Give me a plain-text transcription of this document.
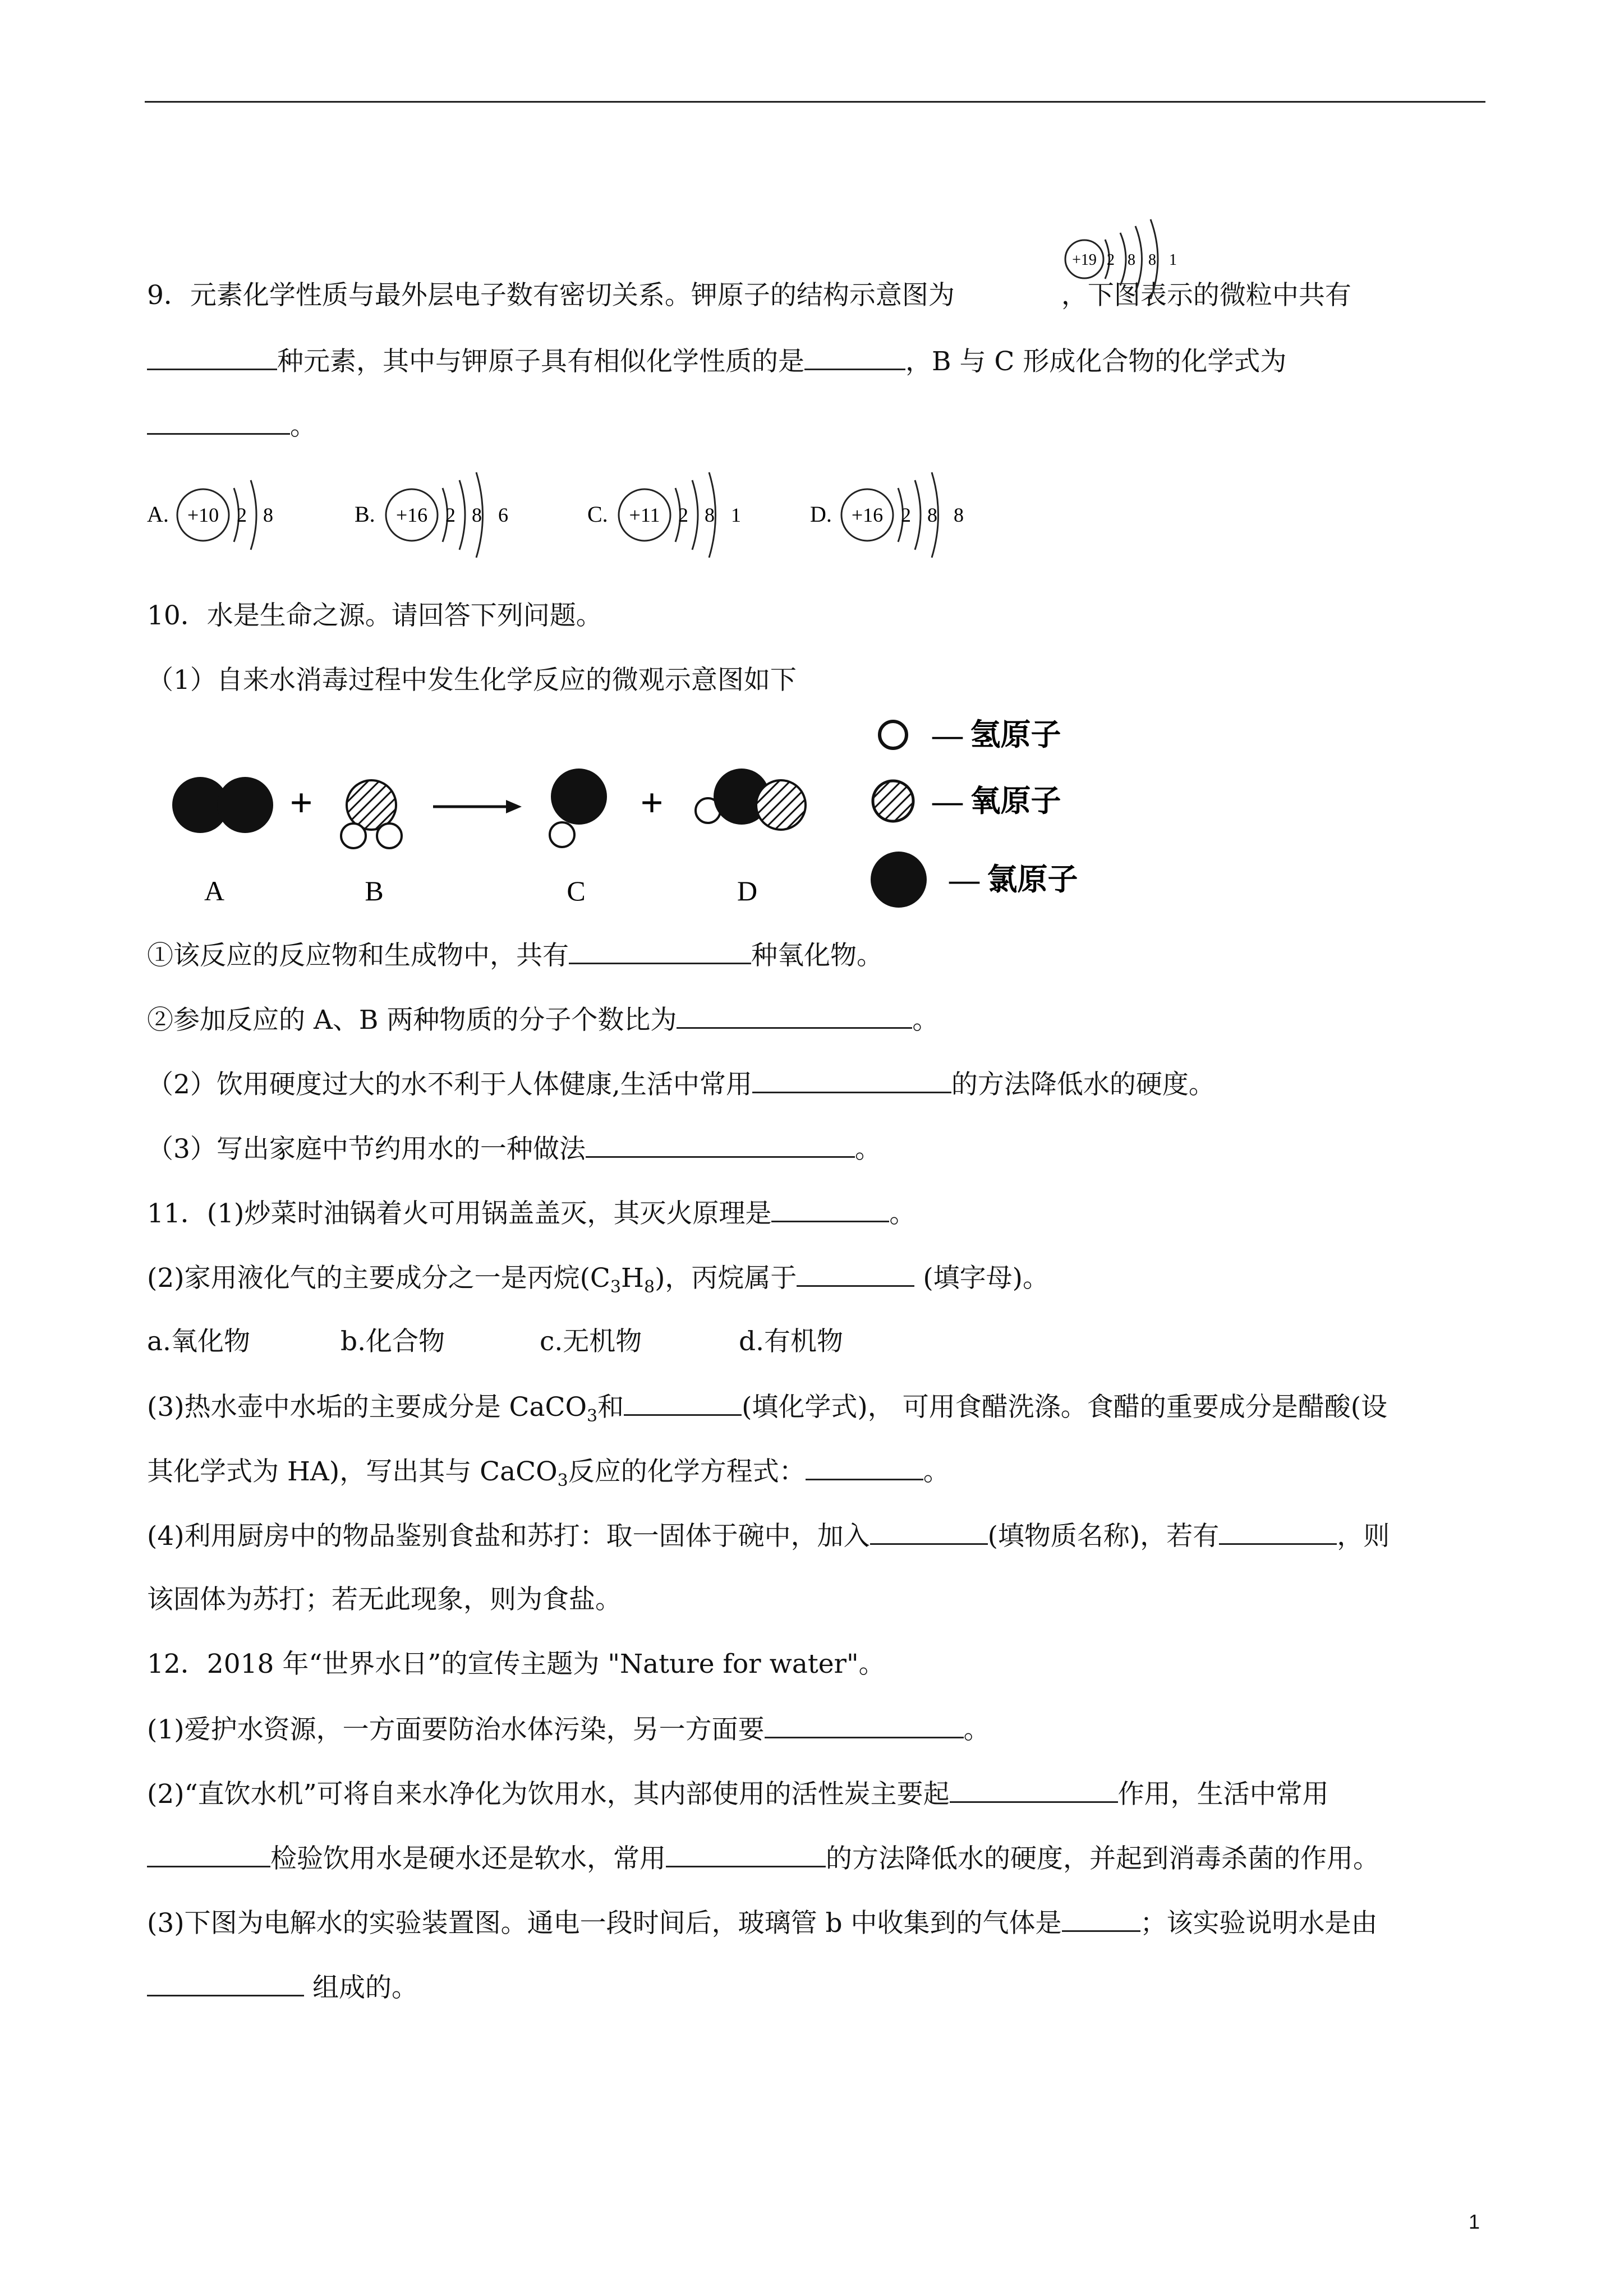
9．元素化学性质与最外层电子数有密切关系。钾原子的结构示意图为	，下图表示的微粒中共有
+19 2 8 8 1
种元素，其中与钾原子具有相似化学性质的是	，B 与 C 形成化合物的化学式为
。
A. +10 2 8	B. +16 2 8 6	C. +11 2 8 1	D. +16 2 8 8
10．水是生命之源。请回答下列问题。
（1）自来水消毒过程中发生化学反应的微观示意图如下
+	+
A	B	C	D
— 氢原子
— 氧原子
— 氯原子
①该反应的反应物和生成物中，共有	种氧化物。
②参加反应的 A、B 两种物质的分子个数比为	。
（2）饮用硬度过大的水不利于人体健康,生活中常用	的方法降低水的硬度。
（3）写出家庭中节约用水的一种做法	。
11．(1)炒菜时油锅着火可用锅盖盖灭，其灭火原理是	。
(2)家用液化气的主要成分之一是丙烷$(C_3H_8)$，丙烷属于	(填字母)。
a.氧化物	b.化合物	c.无机物	d.有机物
(3)热水壶中水垢的主要成分是 CaCO$_3$和	(填化学式)， 可用食醋洗涤。食醋的重要成分是醋酸(设
其化学式为 HA)，写出其与 CaCO$_3$反应的化学方程式：	。
(4)利用厨房中的物品鉴别食盐和苏打：取一固体于碗中，加入	(填物质名称)，若有	，则
该固体为苏打；若无此现象，则为食盐。
12．2018 年“世界水日”的宣传主题为 "Nature for water"。
(1)爱护水资源，一方面要防治水体污染，另一方面要	。
(2)“直饮水机”可将自来水净化为饮用水，其内部使用的活性炭主要起	作用，生活中常用
检验饮用水是硬水还是软水，常用	的方法降低水的硬度，并起到消毒杀菌的作用。
(3)下图为电解水的实验装置图。通电一段时间后，玻璃管 b 中收集到的气体是	；该实验说明水是由
组成的。
1
